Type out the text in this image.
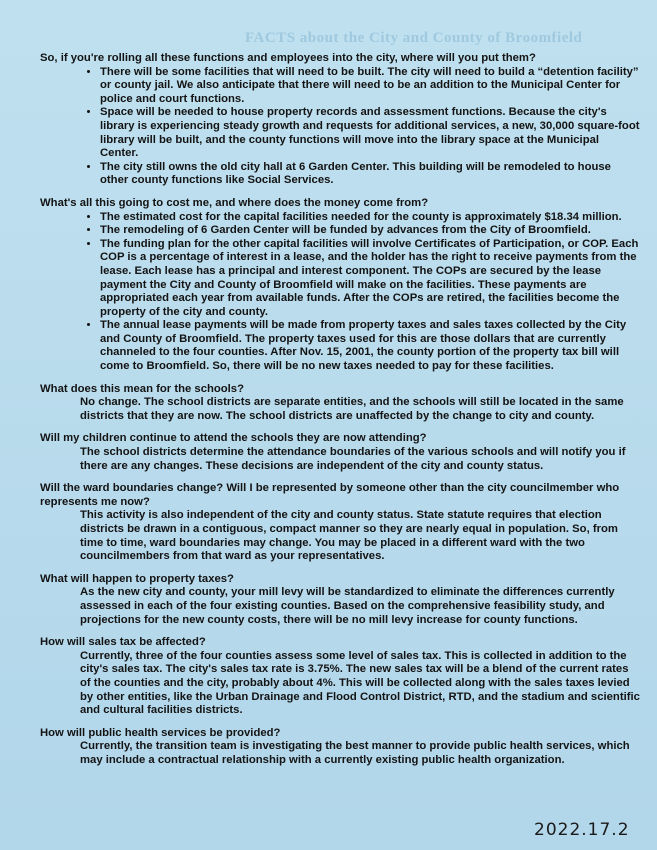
FACTS about the City and County of Broomfield

So, if you're rolling all these functions and employees into the city, where will you put them?

• There will be some facilities that will need to be built. The city will need to build a “detention facility” or county jail. We also anticipate that there will need to be an addition to the Municipal Center for police and court functions.
• Space will be needed to house property records and assessment functions. Because the city's library is experiencing steady growth and requests for additional services, a new, 30,000 square-foot library will be built, and the county functions will move into the library space at the Municipal Center.
• The city still owns the old city hall at 6 Garden Center. This building will be remodeled to house other county functions like Social Services.

What's all this going to cost me, and where does the money come from?

• The estimated cost for the capital facilities needed for the county is approximately $18.34 million.
• The remodeling of 6 Garden Center will be funded by advances from the City of Broomfield.
• The funding plan for the other capital facilities will involve Certificates of Participation, or COP. Each COP is a percentage of interest in a lease, and the holder has the right to receive payments from the lease. Each lease has a principal and interest component. The COPs are secured by the lease payment the City and County of Broomfield will make on the facilities. These payments are appropriated each year from available funds. After the COPs are retired, the facilities become the property of the city and county.
• The annual lease payments will be made from property taxes and sales taxes collected by the City and County of Broomfield. The property taxes used for this are those dollars that are currently channeled to the four counties. After Nov. 15, 2001, the county portion of the property tax bill will come to Broomfield. So, there will be no new taxes needed to pay for these facilities.

What does this mean for the schools?

No change. The school districts are separate entities, and the schools will still be located in the same districts that they are now. The school districts are unaffected by the change to city and county.

Will my children continue to attend the schools they are now attending?

The school districts determine the attendance boundaries of the various schools and will notify you if there are any changes. These decisions are independent of the city and county status.

Will the ward boundaries change? Will I be represented by someone other than the city councilmember who represents me now?

This activity is also independent of the city and county status. State statute requires that election districts be drawn in a contiguous, compact manner so they are nearly equal in population. So, from time to time, ward boundaries may change. You may be placed in a different ward with the two councilmembers from that ward as your representatives.

What will happen to property taxes?

As the new city and county, your mill levy will be standardized to eliminate the differences currently assessed in each of the four existing counties. Based on the comprehensive feasibility study, and projections for the new county costs, there will be no mill levy increase for county functions.

How will sales tax be affected?

Currently, three of the four counties assess some level of sales tax. This is collected in addition to the city's sales tax. The city's sales tax rate is 3.75%. The new sales tax will be a blend of the current rates of the counties and the city, probably about 4%. This will be collected along with the sales taxes levied by other entities, like the Urban Drainage and Flood Control District, RTD, and the stadium and scientific and cultural facilities districts.

How will public health services be provided?

Currently, the transition team is investigating the best manner to provide public health services, which may include a contractual relationship with a currently existing public health organization.

2022.17.2
